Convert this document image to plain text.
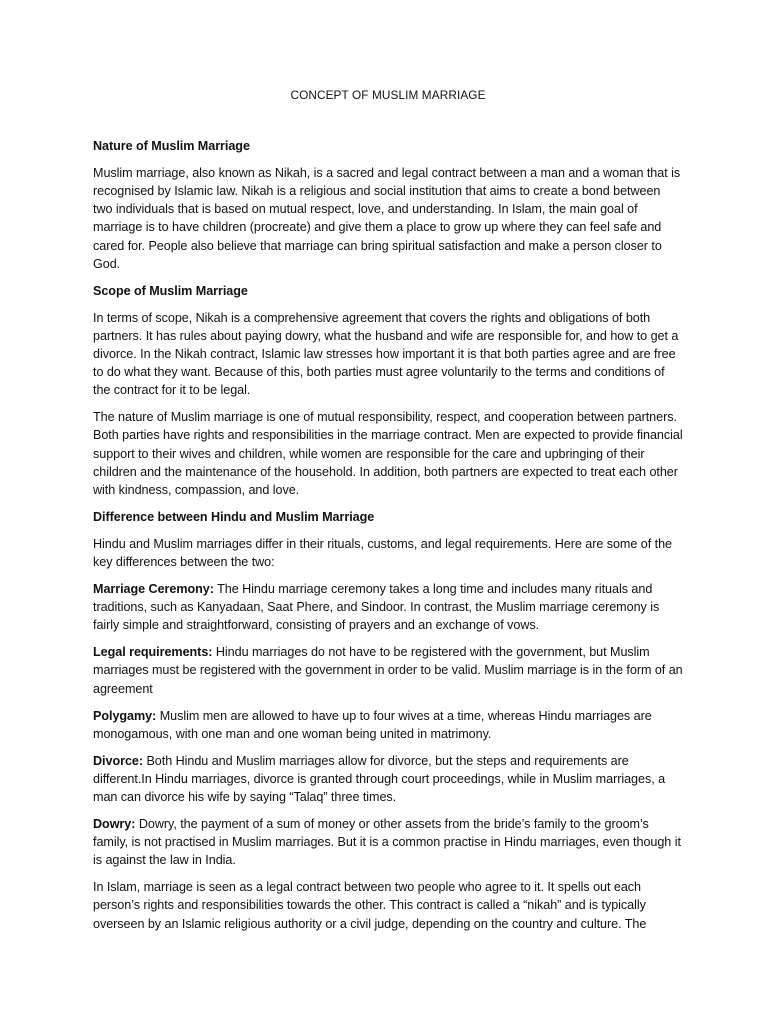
CONCEPT OF MUSLIM MARRIAGE
Nature of Muslim Marriage

Muslim marriage, also known as Nikah, is a sacred and legal contract between a man and a woman that is recognised by Islamic law. Nikah is a religious and social institution that aims to create a bond between two individuals that is based on mutual respect, love, and understanding. In Islam, the main goal of marriage is to have children (procreate) and give them a place to grow up where they can feel safe and cared for. People also believe that marriage can bring spiritual satisfaction and make a person closer to God.

Scope of Muslim Marriage

In terms of scope, Nikah is a comprehensive agreement that covers the rights and obligations of both partners. It has rules about paying dowry, what the husband and wife are responsible for, and how to get a divorce. In the Nikah contract, Islamic law stresses how important it is that both parties agree and are free to do what they want. Because of this, both parties must agree voluntarily to the terms and conditions of the contract for it to be legal.

The nature of Muslim marriage is one of mutual responsibility, respect, and cooperation between partners. Both parties have rights and responsibilities in the marriage contract. Men are expected to provide financial support to their wives and children, while women are responsible for the care and upbringing of their children and the maintenance of the household. In addition, both partners are expected to treat each other with kindness, compassion, and love.

Difference between Hindu and Muslim Marriage

Hindu and Muslim marriages differ in their rituals, customs, and legal requirements. Here are some of the key differences between the two:

Marriage Ceremony: The Hindu marriage ceremony takes a long time and includes many rituals and traditions, such as Kanyadaan, Saat Phere, and Sindoor. In contrast, the Muslim marriage ceremony is fairly simple and straightforward, consisting of prayers and an exchange of vows.

Legal requirements: Hindu marriages do not have to be registered with the government, but Muslim marriages must be registered with the government in order to be valid. Muslim marriage is in the form of an agreement

Polygamy: Muslim men are allowed to have up to four wives at a time, whereas Hindu marriages are monogamous, with one man and one woman being united in matrimony.

Divorce: Both Hindu and Muslim marriages allow for divorce, but the steps and requirements are different.In Hindu marriages, divorce is granted through court proceedings, while in Muslim marriages, a man can divorce his wife by saying “Talaq” three times.

Dowry: Dowry, the payment of a sum of money or other assets from the bride’s family to the groom’s family, is not practised in Muslim marriages. But it is a common practise in Hindu marriages, even though it is against the law in India.

In Islam, marriage is seen as a legal contract between two people who agree to it. It spells out each person’s rights and responsibilities towards the other. This contract is called a “nikah” and is typically overseen by an Islamic religious authority or a civil judge, depending on the country and culture. The
